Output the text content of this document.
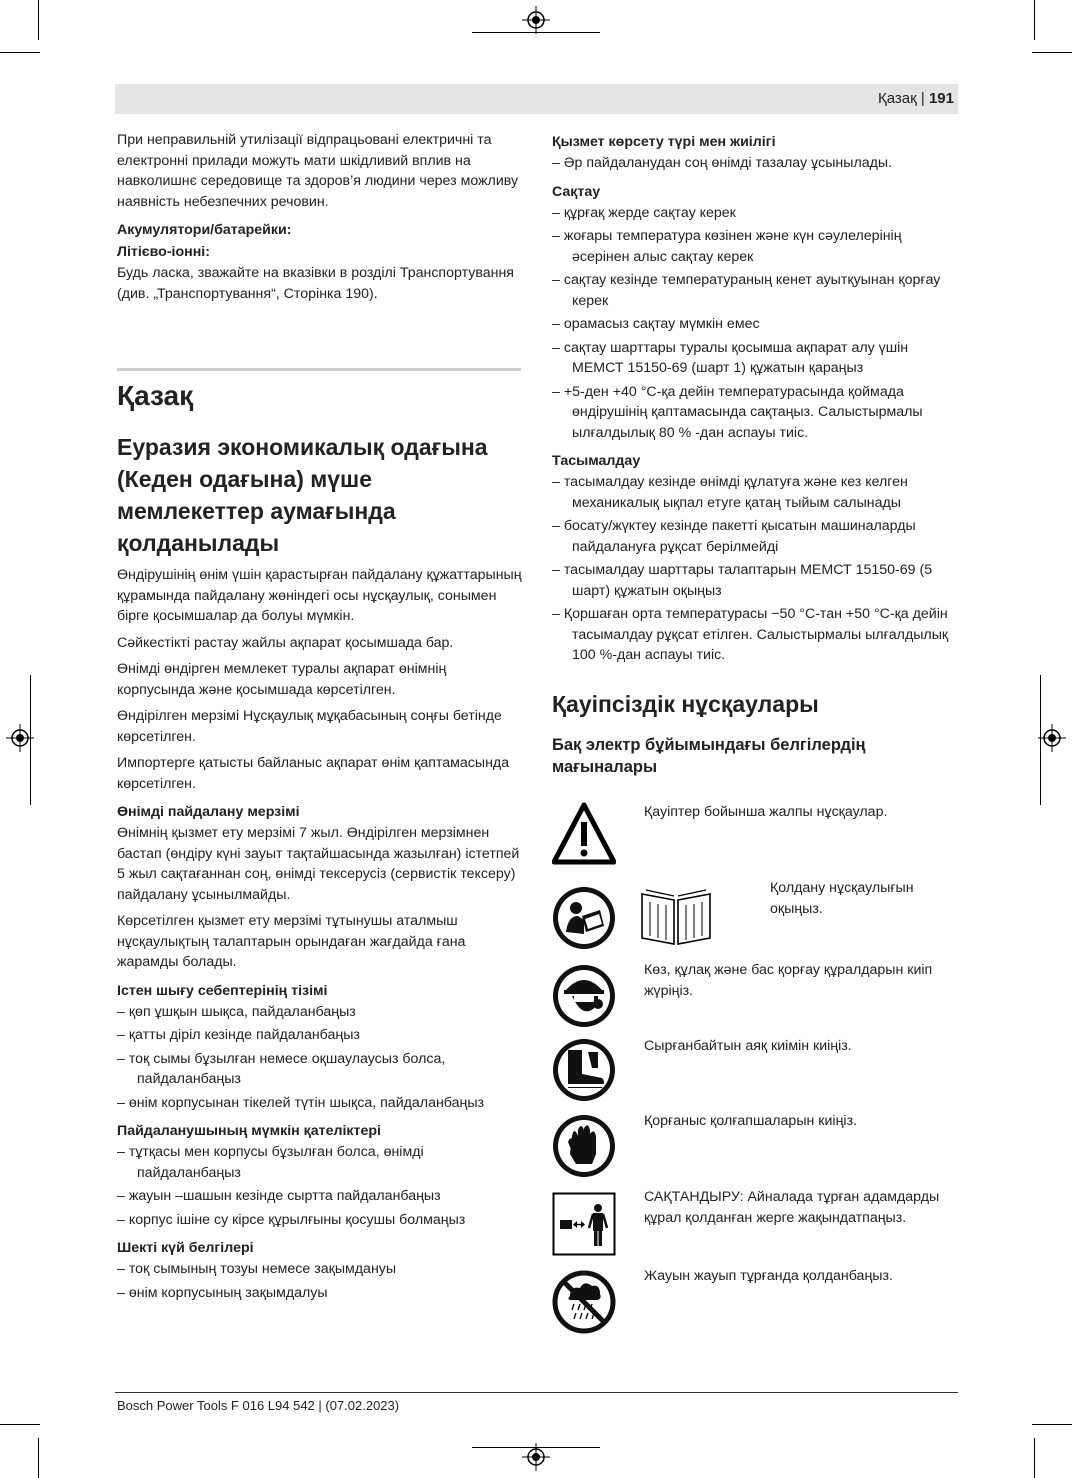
Қазақ | 191

При неправильній утилізації відпрацьовані електричні та електронні прилади можуть мати шкідливий вплив на навколишнє середовище та здоров’я людини через можливу наявність небезпечних речовин.

Акумулятори/батарейки:
Літієво-іонні:

Будь ласка, зважайте на вказівки в розділі Транспортування (див. „Транспортування“, Сторінка 190).

Қазақ
Еуразия экономикалық одағына (Кеден одағына) мүше мемлекеттер аумағында қолданылады

Өндірушінің өнім үшін қарастырған пайдалану құжаттарының құрамында пайдалану жөніндегі осы нұсқаулық, сонымен бірге қосымшалар да болуы мүмкін.

Сәйкестікті растау жайлы ақпарат қосымшада бар.

Өнімді өндірген мемлекет туралы ақпарат өнімнің корпусында және қосымшада көрсетілген.

Өндірілген мерзімі Нұсқаулық мұқабасының соңғы бетінде көрсетілген.

Импортерге қатысты байланыс ақпарат өнім қаптамасында көрсетілген.

Өнімді пайдалану мерзімі

Өнімнің қызмет ету мерзімі 7 жыл. Өндірілген мерзімнен бастап (өндіру күні зауыт тақтайшасында жазылған) істетпей 5 жыл сақтағаннан соң, өнімді тексерусіз (сервистік тексеру) пайдалану ұсынылмайды.

Көрсетілген қызмет ету мерзімі тұтынушы аталмыш нұсқаулықтың талаптарын орындаған жағдайда ғана жарамды болады.

Істен шығу себептерінің тізімі
– қөп ұшқын шықса, пайдаланбаңыз
– қатты діріл кезінде пайдаланбаңыз
– тоқ сымы бұзылған немесе оқшаулаусыз болса, пайдаланбаңыз
– өнім корпусынан тікелей түтін шықса, пайдаланбаңыз
Пайдаланушының мүмкін қателіктері
– тұтқасы мен корпусы бұзылған болса, өнімді пайдаланбаңыз
– жауын –шашын кезінде сыртта пайдаланбаңыз
– корпус ішіне су кірсе құрылғыны қосушы болмаңыз
Шекті күй белгілері
– тоқ сымының тозуы немесе зақымдануы
– өнім корпусының зақымдалуы
Қызмет көрсету түрі мен жиілігі
– Әр пайдаланудан соң өнімді тазалау ұсынылады.
Сақтау
– құрғақ жерде сақтау керек
– жоғары температура көзінен және күн сәулелерінің әсерінен алыс сақтау керек
– сақтау кезінде температураның кенет ауытқуынан қорғау керек
– орамасыз сақтау мүмкін емес
– сақтау шарттары туралы қосымша ақпарат алу үшін МЕМСТ 15150-69 (шарт 1) құжатын қараңыз
– +5-ден +40 °C-қа дейін температурасында қоймада өндірушінің қаптамасында сақтаңыз. Салыстырмалы ылғалдылық 80 % -дан аспауы тиіс.
Тасымалдау
– тасымалдау кезінде өнімді құлатуға және кез келген механикалық ықпал етуге қатаң тыйым салынады
– босату/жүктеу кезінде пакетті қысатын машиналарды пайдалануға рұқсат берілмейді
– тасымалдау шарттары талаптарын МЕМСТ 15150-69 (5 шарт) құжатын оқыңыз
– Қоршаған орта температурасы −50 °C-тан +50 °C-қа дейін тасымалдау рұқсат етілген. Салыстырмалы ылғалдылық 100 %-дан аспауы тиіс.
Қауіпсіздік нұсқаулары
Бақ электр бұйымындағы белгілердің мағыналары
Қауіптер бойынша жалпы нұсқаулар.
Қолдану нұсқаулығын оқыңыз.
Көз, құлақ және бас қорғау құралдарын киіп жүріңіз.
Сырғанбайтын аяқ киімін киіңіз.
Қорғаныс қолғапшаларын киіңіз.
САҚТАНДЫРУ: Айналада тұрған адамдарды құрал қолданған жерге жақындатпаңыз.
Жауын жауып тұрғанда қолданбаңыз.
Bosch Power Tools F 016 L94 542 | (07.02.2023)
